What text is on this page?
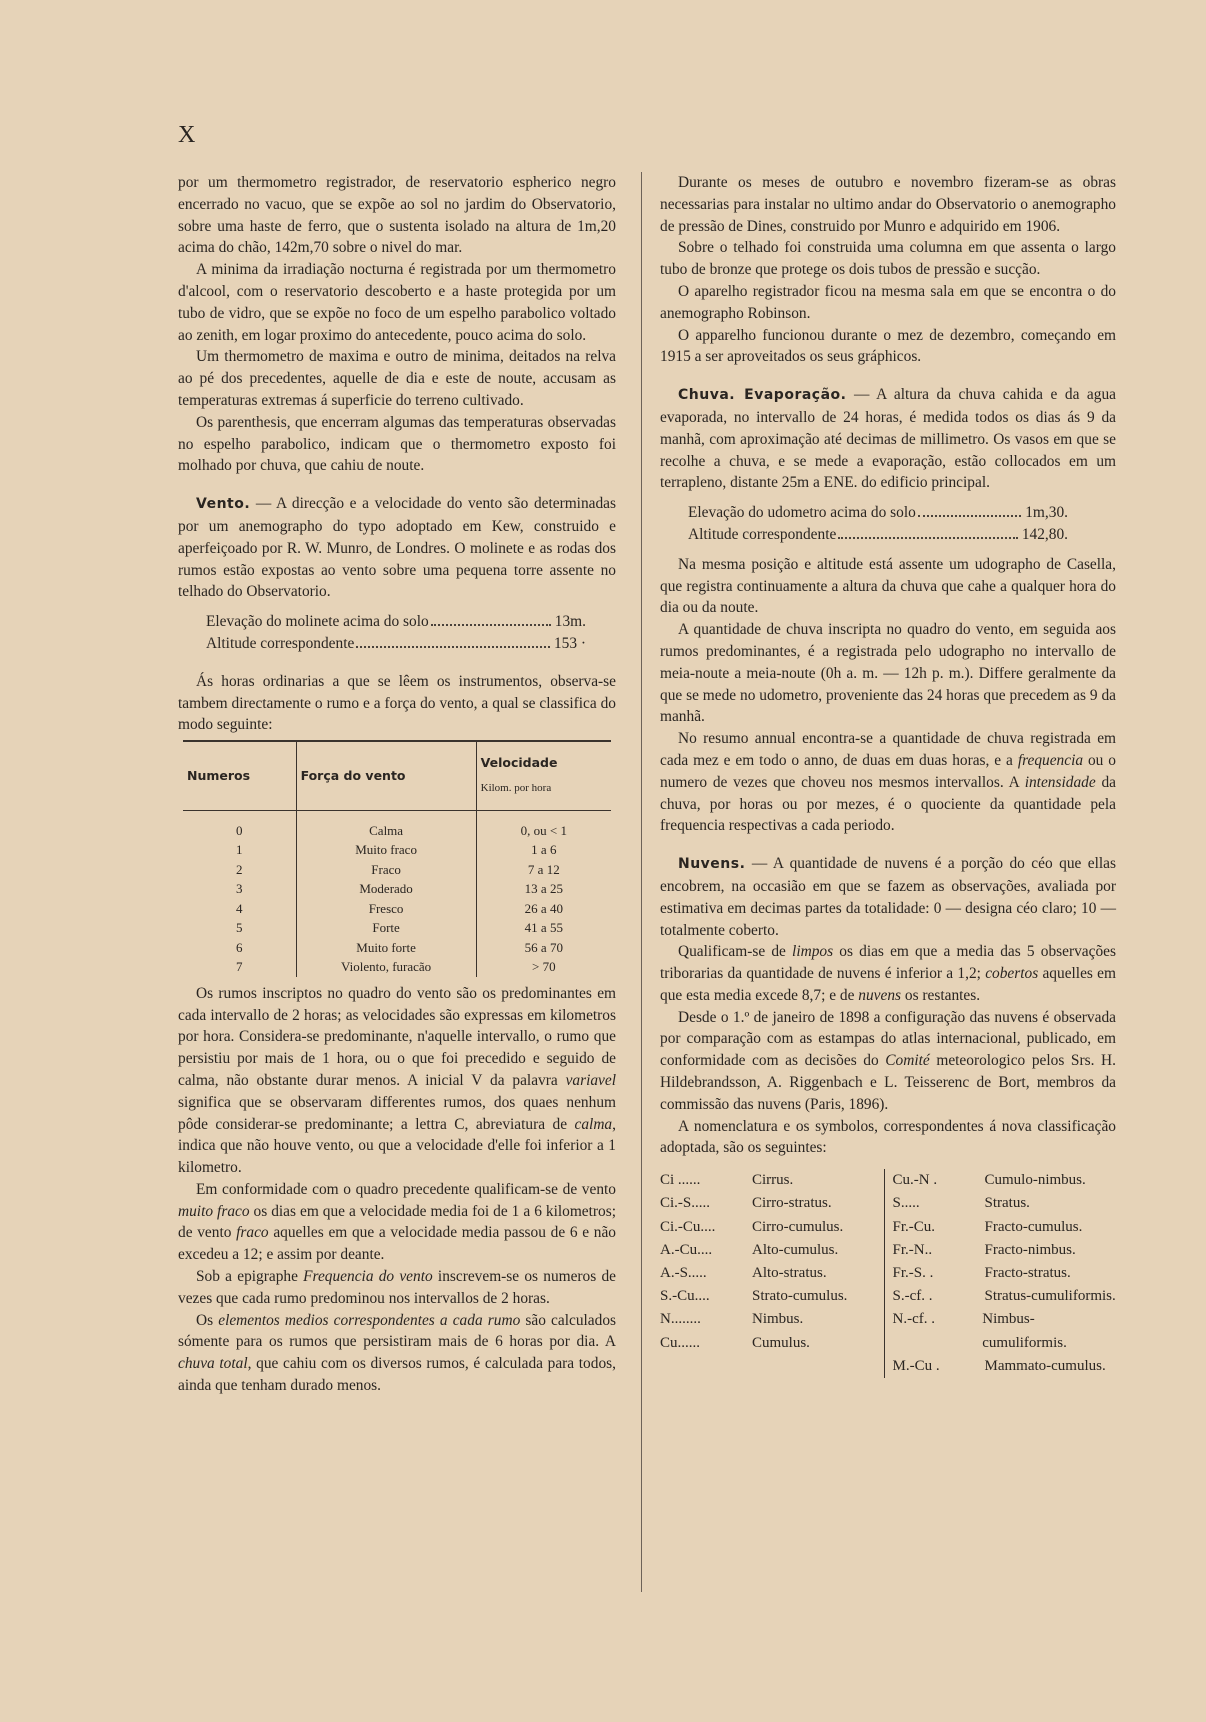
X

por um thermometro registrador, de reservatorio espherico negro encerrado no vacuo, que se expõe ao sol no jardim do Observatorio, sobre uma haste de ferro, que o sustenta isolado na altura de 1m,20 acima do chão, 142m,70 sobre o nivel do mar.

A minima da irradiação nocturna é registrada por um thermometro d'alcool, com o reservatorio descoberto e a haste protegida por um tubo de vidro, que se expõe no foco de um espelho parabolico voltado ao zenith, em logar proximo do antecedente, pouco acima do solo.

Um thermometro de maxima e outro de minima, deitados na relva ao pé dos precedentes, aquelle de dia e este de noute, accusam as temperaturas extremas á superficie do terreno cultivado.

Os parenthesis, que encerram algumas das temperaturas observadas no espelho parabolico, indicam que o thermometro exposto foi molhado por chuva, que cahiu de noute.

Vento. — A direcção e a velocidade do vento são determinadas por um anemographo do typo adoptado em Kew, construido e aperfeiçoado por R. W. Munro, de Londres. O molinete e as rodas dos rumos estão expostas ao vento sobre uma pequena torre assente no telhado do Observatorio.

Elevação do molinete acima do solo	13m.
Altitude correspondente	153 ·

Ás horas ordinarias a que se lêem os instrumentos, observa-se tambem directamente o rumo e a força do vento, a qual se classifica do modo seguinte:

Numeros	Força do vento	Velocidade
Kilom. por hora

0	Calma	0, ou < 1
1	Muito fraco	1 a 6
2	Fraco	7 a 12
3	Moderado	13 a 25
4	Fresco	26 a 40
5	Forte	41 a 55
6	Muito forte	56 a 70
7	Violento, furacão	> 70

Os rumos inscriptos no quadro do vento são os predominantes em cada intervallo de 2 horas; as velocidades são expressas em kilometros por hora. Considera-se predominante, n'aquelle intervallo, o rumo que persistiu por mais de 1 hora, ou o que foi precedido e seguido de calma, não obstante durar menos. A inicial V da palavra variavel significa que se observaram differentes rumos, dos quaes nenhum pôde considerar-se predominante; a lettra C, abreviatura de calma, indica que não houve vento, ou que a velocidade d'elle foi inferior a 1 kilometro.

Em conformidade com o quadro precedente qualificam-se de vento muito fraco os dias em que a velocidade media foi de 1 a 6 kilometros; de vento fraco aquelles em que a velocidade media passou de 6 e não excedeu a 12; e assim por deante.

Sob a epigraphe Frequencia do vento inscrevem-se os numeros de vezes que cada rumo predominou nos intervallos de 2 horas.

Os elementos medios correspondentes a cada rumo são calculados sómente para os rumos que persistiram mais de 6 horas por dia. A chuva total, que cahiu com os diversos rumos, é calculada para todos, ainda que tenham durado menos.

Durante os meses de outubro e novembro fizeram-se as obras necessarias para instalar no ultimo andar do Observatorio o anemographo de pressão de Dines, construido por Munro e adquirido em 1906.

Sobre o telhado foi construida uma columna em que assenta o largo tubo de bronze que protege os dois tubos de pressão e sucção.

O aparelho registrador ficou na mesma sala em que se encontra o do anemographo Robinson.

O apparelho funcionou durante o mez de dezembro, começando em 1915 a ser aproveitados os seus gráphicos.

Chuva. Evaporação. — A altura da chuva cahida e da agua evaporada, no intervallo de 24 horas, é medida todos os dias ás 9 da manhã, com aproximação até decimas de millimetro. Os vasos em que se recolhe a chuva, e se mede a evaporação, estão collocados em um terrapleno, distante 25m a ENE. do edificio principal.

Elevação do udometro acima do solo	1m,30.
Altitude correspondente	142,80.

Na mesma posição e altitude está assente um udographo de Casella, que registra continuamente a altura da chuva que cahe a qualquer hora do dia ou da noute.

A quantidade de chuva inscripta no quadro do vento, em seguida aos rumos predominantes, é a registrada pelo udographo no intervallo de meia-noute a meia-noute (0h a. m. — 12h p. m.). Differe geralmente da que se mede no udometro, proveniente das 24 horas que precedem as 9 da manhã.

No resumo annual encontra-se a quantidade de chuva registrada em cada mez e em todo o anno, de duas em duas horas, e a frequencia ou o numero de vezes que choveu nos mesmos intervallos. A intensidade da chuva, por horas ou por mezes, é o quociente da quantidade pela frequencia respectivas a cada periodo.

Nuvens. — A quantidade de nuvens é a porção do céo que ellas encobrem, na occasião em que se fazem as observações, avaliada por estimativa em decimas partes da totalidade: 0 — designa céo claro; 10 — totalmente coberto.

Qualificam-se de limpos os dias em que a media das 5 observações triborarias da quantidade de nuvens é inferior a 1,2; cobertos aquelles em que esta media excede 8,7; e de nuvens os restantes.

Desde o 1.º de janeiro de 1898 a configuração das nuvens é observada por comparação com as estampas do atlas internacional, publicado, em conformidade com as decisões do Comité meteorologico pelos Srs. H. Hildebrandsson, A. Riggenbach e L. Teisserenc de Bort, membros da commissão das nuvens (Paris, 1896).

A nomenclatura e os symbolos, correspondentes á nova classificação adoptada, são os seguintes:

Ci ......	Cirrus.
Ci.-S.....	Cirro-stratus.
Ci.-Cu....	Cirro-cumulus.
A.-Cu....	Alto-cumulus.
A.-S.....	Alto-stratus.
S.-Cu....	Strato-cumulus.
N........	Nimbus.
Cu......	Cumulus.
Cu.-N .	Cumulo-nimbus.
S.....	Stratus.
Fr.-Cu.	Fracto-cumulus.
Fr.-N..	Fracto-nimbus.
Fr.-S. .	Fracto-stratus.
S.-cf. .	Stratus-cumuliformis.
N.-cf. .	Nimbus-cumuliformis.
M.-Cu .	Mammato-cumulus.
